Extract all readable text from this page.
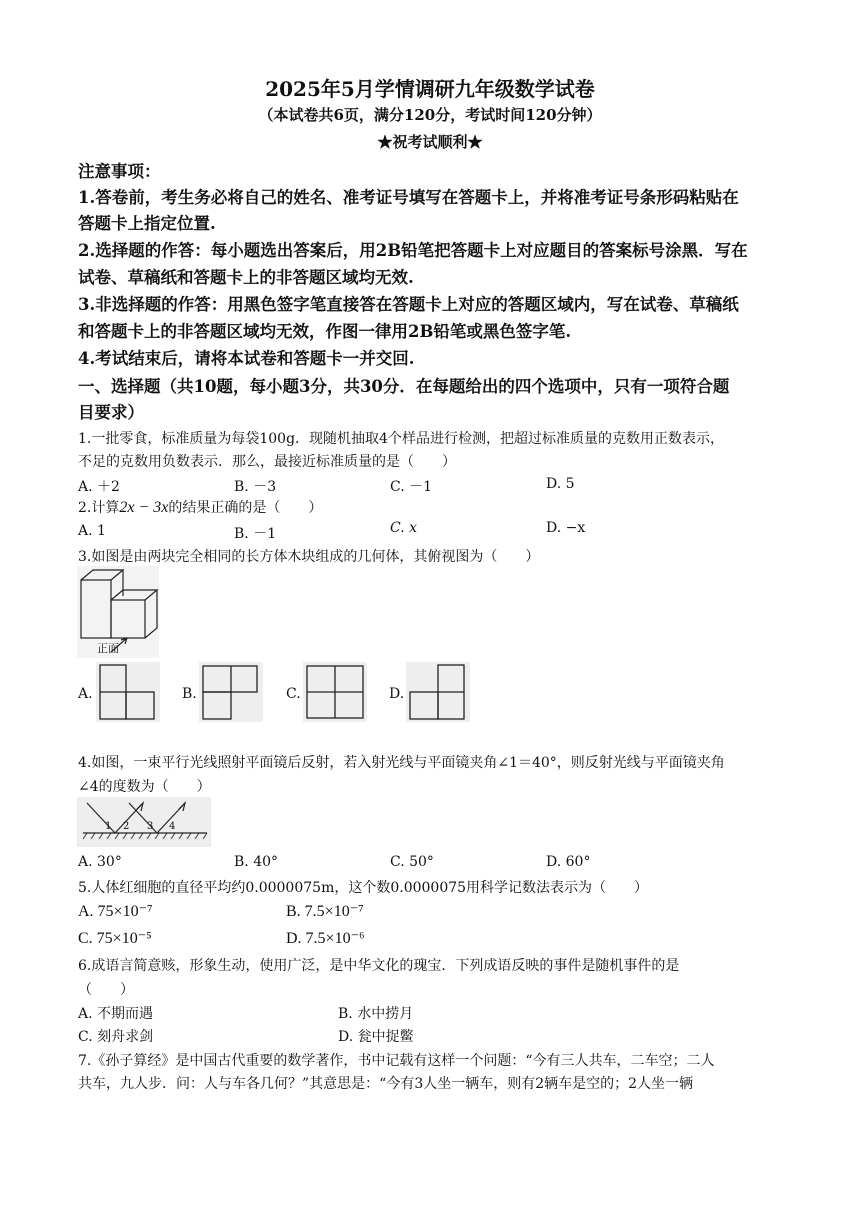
2025年5月学情调研九年级数学试卷
（本试卷共6页，满分120分，考试时间120分钟）
★祝考试顺利★
注意事项：
1.答卷前，考生务必将自己的姓名、准考证号填写在答题卡上，并将准考证号条形码粘贴在
答题卡上指定位置.
2.选择题的作答：每小题选出答案后，用2B铅笔把答题卡上对应题目的答案标号涂黑．写在
试卷、草稿纸和答题卡上的非答题区域均无效.
3.非选择题的作答：用黑色签字笔直接答在答题卡上对应的答题区域内，写在试卷、草稿纸
和答题卡上的非答题区域均无效，作图一律用2B铅笔或黑色签字笔.
4.考试结束后，请将本试卷和答题卡一并交回.
一、选择题（共10题，每小题3分，共30分．在每题给出的四个选项中，只有一项符合题
目要求）
1.一批零食，标准质量为每袋100g．现随机抽取4个样品进行检测，把超过标准质量的克数用正数表示，
不足的克数用负数表示．那么，最接近标准质量的是（　　）
A. ＋2	B. －3	C. －1	D. 5
2.计算2x − 3x的结果正确的是（　　）
A. 1	B. －1	C. x	D. −x
3.如图是由两块完全相同的长方体木块组成的几何体，其俯视图为（　　）
正面
A.	B.	C.	D.
4.如图，一束平行光线照射平面镜后反射，若入射光线与平面镜夹角∠1＝40°，则反射光线与平面镜夹角
∠4的度数为（　　）
1 2 3 4
A. 30°	B. 40°	C. 50°	D. 60°
5.人体红细胞的直径平均约0.0000075m，这个数0.0000075用科学记数法表示为（　　）
A. 75×10⁻⁷	B. 7.5×10⁻⁷
C. 75×10⁻⁵	D. 7.5×10⁻⁶
6.成语言简意赅，形象生动，使用广泛，是中华文化的瑰宝．下列成语反映的事件是随机事件的是
（　　）
A. 不期而遇	B. 水中捞月
C. 刻舟求剑	D. 瓮中捉鳖
7.《孙子算经》是中国古代重要的数学著作，书中记载有这样一个问题：“今有三人共车，二车空；二人
共车，九人步．问：人与车各几何？”其意思是：“今有3人坐一辆车，则有2辆车是空的；2人坐一辆
